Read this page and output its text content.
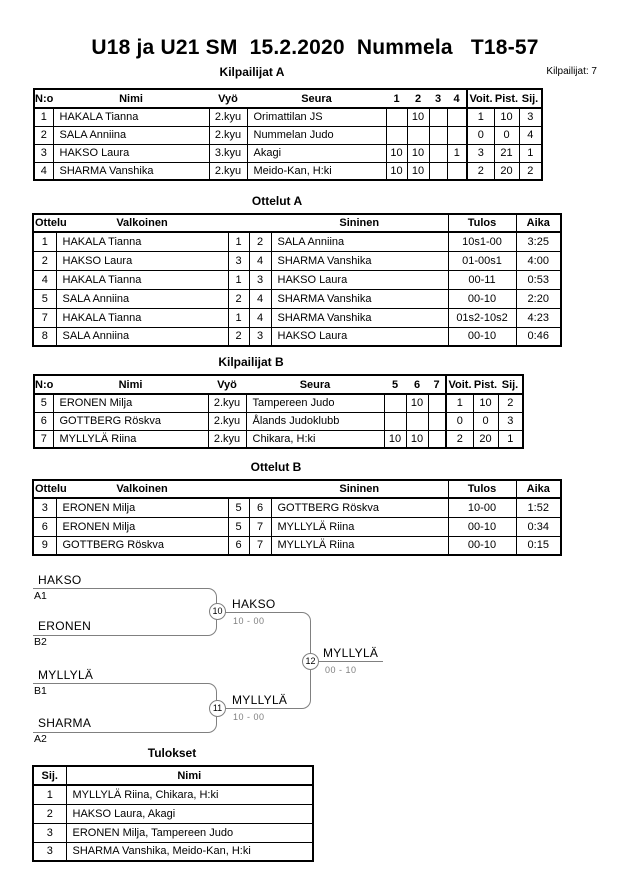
U18 ja U21 SM  15.2.2020  Nummela   T18-57
Kilpailijat A	Kilpailijat: 7
N:o	Nimi	Vyö	Seura	1	2	3	4	Voit.	Pist.	Sij.
1	HAKALA Tianna	2.kyu	Orimattilan JS		10			1	10	3
2	SALA Anniina	2.kyu	Nummelan Judo					0	0	4
3	HAKSO Laura	3.kyu	Akagi	10	10		1	3	21	1
4	SHARMA Vanshika	2.kyu	Meido-Kan, H:ki	10	10			2	20	2
Ottelut A
Ottelu	Valkoinen			Sininen	Tulos	Aika
1	HAKALA Tianna	1	2	SALA Anniina	10s1-00	3:25
2	HAKSO Laura	3	4	SHARMA Vanshika	01-00s1	4:00
4	HAKALA Tianna	1	3	HAKSO Laura	00-11	0:53
5	SALA Anniina	2	4	SHARMA Vanshika	00-10	2:20
7	HAKALA Tianna	1	4	SHARMA Vanshika	01s2-10s2	4:23
8	SALA Anniina	2	3	HAKSO Laura	00-10	0:46
Kilpailijat B
N:o	Nimi	Vyö	Seura	5	6	7	Voit.	Pist.	Sij.
5	ERONEN Milja	2.kyu	Tampereen Judo		10		1	10	2
6	GOTTBERG Röskva	2.kyu	Ålands Judoklubb				0	0	3
7	MYLLYLÄ Riina	2.kyu	Chikara, H:ki	10	10		2	20	1
Ottelut B
Ottelu	Valkoinen			Sininen	Tulos	Aika
3	ERONEN Milja	5	6	GOTTBERG Röskva	10-00	1:52
6	ERONEN Milja	5	7	MYLLYLÄ Riina	00-10	0:34
9	GOTTBERG Röskva	6	7	MYLLYLÄ Riina	00-10	0:15
HAKSO
A1
ERONEN
B2
MYLLYLÄ
B1
SHARMA
A2
10 HAKSO
10 - 00
11
MYLLYLÄ
10 - 00
12
MYLLYLÄ
00 - 10
Tulokset
Sij.	Nimi
1	MYLLYLÄ Riina, Chikara, H:ki
2	HAKSO Laura, Akagi
3	ERONEN Milja, Tampereen Judo
3	SHARMA Vanshika, Meido-Kan, H:ki
